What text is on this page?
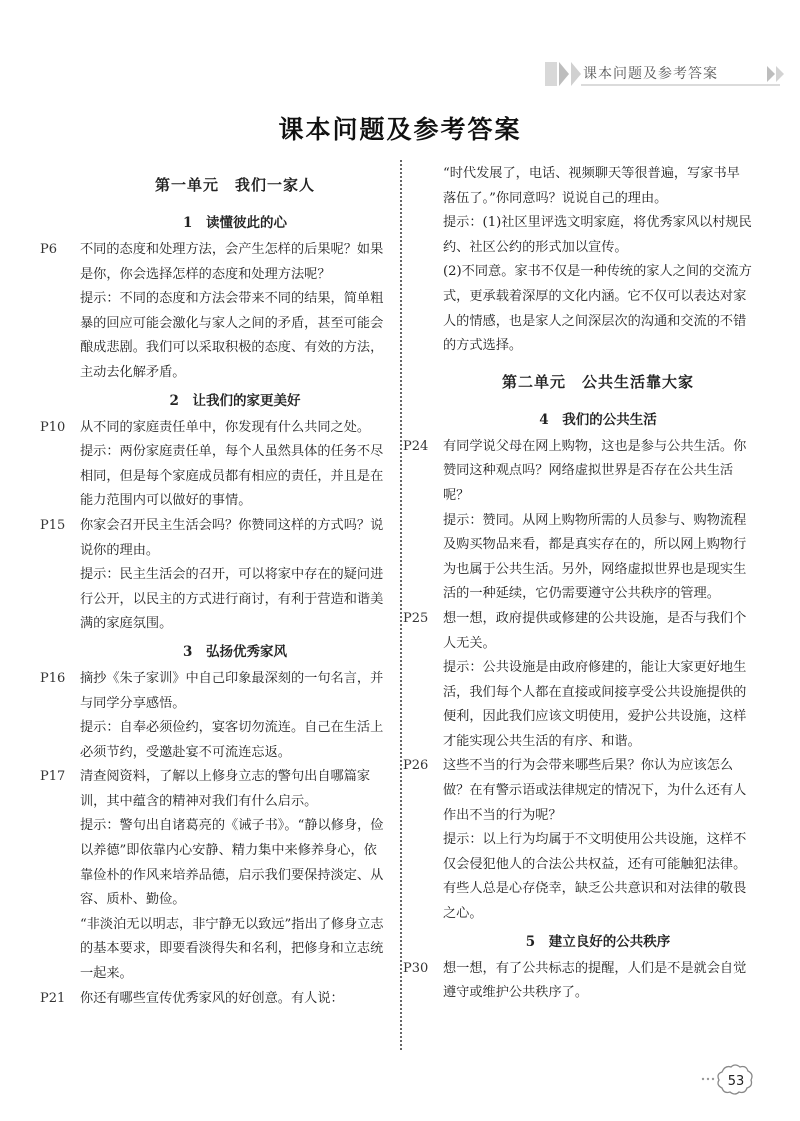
课本问题及参考答案
课本问题及参考答案
第一单元　我们一家人
1　读懂彼此的心
P6 不同的态度和处理方法，会产生怎样的后果呢？如果是你，你会选择怎样的态度和处理方法呢？

提示：不同的态度和方法会带来不同的结果，简单粗暴的回应可能会激化与家人之间的矛盾，甚至可能会酿成悲剧。我们可以采取积极的态度、有效的方法，主动去化解矛盾。

2　让我们的家更美好
P10 从不同的家庭责任单中，你发现有什么共同之处。

提示：两份家庭责任单，每个人虽然具体的任务不尽相同，但是每个家庭成员都有相应的责任，并且是在能力范围内可以做好的事情。

P15 你家会召开民主生活会吗？你赞同这样的方式吗？说说你的理由。

提示：民主生活会的召开，可以将家中存在的疑问进行公开，以民主的方式进行商讨，有利于营造和谐美满的家庭氛围。

3　弘扬优秀家风
P16 摘抄《朱子家训》中自己印象最深刻的一句名言，并与同学分享感悟。

提示：自奉必须俭约，宴客切勿流连。自己在生活上必须节约，受邀赴宴不可流连忘返。

P17 清查阅资料，了解以上修身立志的警句出自哪篇家训，其中蕴含的精神对我们有什么启示。

提示：警句出自诸葛亮的《诫子书》。“静以修身，俭以养德”即依靠内心安静、精力集中来修养身心，依靠俭朴的作风来培养品德，启示我们要保持淡定、从容、质朴、勤俭。

“非淡泊无以明志，非宁静无以致远”指出了修身立志的基本要求，即要看淡得失和名利，把修身和立志统一起来。

P21 你还有哪些宣传优秀家风的好创意。有人说：

“时代发展了，电话、视频聊天等很普遍，写家书早落伍了。”你同意吗？说说自己的理由。

提示：(1)社区里评选文明家庭，将优秀家风以村规民约、社区公约的形式加以宣传。

(2)不同意。家书不仅是一种传统的家人之间的交流方式，更承载着深厚的文化内涵。它不仅可以表达对家人的情感，也是家人之间深层次的沟通和交流的不错的方式选择。

第二单元　公共生活靠大家
4　我们的公共生活
P24 有同学说父母在网上购物，这也是参与公共生活。你赞同这种观点吗？网络虚拟世界是否存在公共生活呢？

提示：赞同。从网上购物所需的人员参与、购物流程及购买物品来看，都是真实存在的，所以网上购物行为也属于公共生活。另外，网络虚拟世界也是现实生活的一种延续，它仍需要遵守公共秩序的管理。

P25 想一想，政府提供或修建的公共设施，是否与我们个人无关。

提示：公共设施是由政府修建的，能让大家更好地生活，我们每个人都在直接或间接享受公共设施提供的便利，因此我们应该文明使用，爱护公共设施，这样才能实现公共生活的有序、和谐。

P26 这些不当的行为会带来哪些后果？你认为应该怎么做？在有警示语或法律规定的情况下，为什么还有人作出不当的行为呢？

提示：以上行为均属于不文明使用公共设施，这样不仅会侵犯他人的合法公共权益，还有可能触犯法律。有些人总是心存侥幸，缺乏公共意识和对法律的敬畏之心。

5　建立良好的公共秩序
P30 想一想，有了公共标志的提醒，人们是不是就会自觉遵守或维护公共秩序了。

53
